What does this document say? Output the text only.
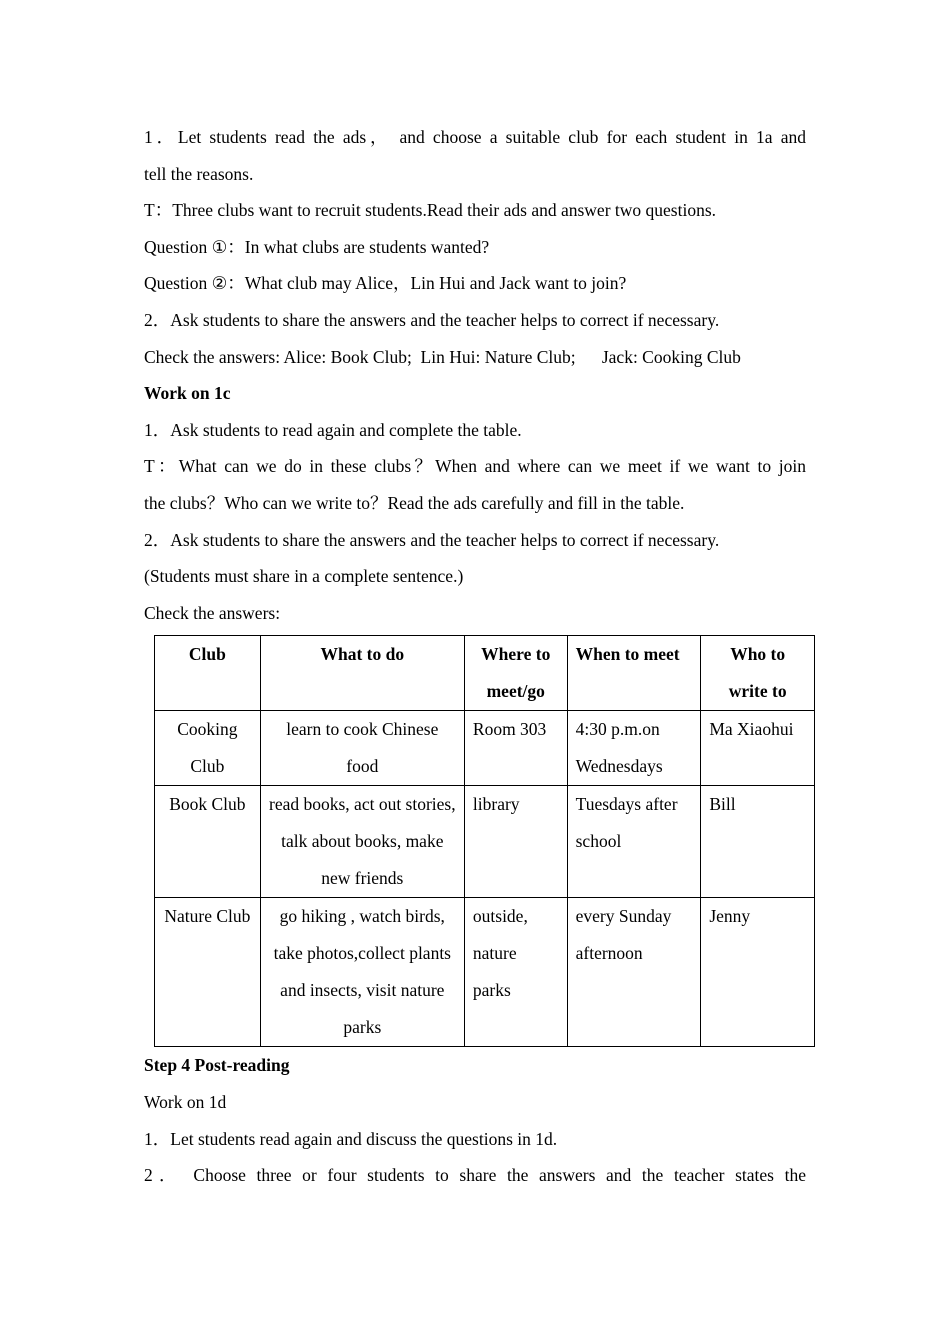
1．Let students read the ads， and choose a suitable club for each student in 1a and

tell the reasons.

T：Three clubs want to recruit students.Read their ads and answer two questions.

Question ①：In what clubs are students wanted?

Question ②：What club may Alice，Lin Hui and Jack want to join?

2．Ask students to share the answers and the teacher helps to correct if necessary.

Check the answers: Alice: Book Club;  Lin Hui: Nature Club;      Jack: Cooking Club

Work on 1c

1．Ask students to read again and complete the table.

T：What can we do in these clubs？When and where can we meet if we want to join

the clubs？Who can we write to？Read the ads carefully and fill in the table.

2．Ask students to share the answers and the teacher helps to correct if necessary.

(Students must share in a complete sentence.)

Check the answers:

Club	What to do	Where to meet/go	When to meet	Who to write to
Cooking Club	learn to cook Chinese food	Room 303	4:30 p.m.on Wednesdays	Ma Xiaohui
Book Club	read books, act out stories, talk about books, make new friends	library	Tuesdays after school	Bill
Nature Club	go hiking , watch birds, take photos,collect plants and insects, visit nature parks	outside, nature parks	every Sunday afternoon	Jenny

Step 4 Post-reading

Work on 1d

1．Let students read again and discuss the questions in 1d.

2． Choose three or four students to share the answers and the teacher states the
